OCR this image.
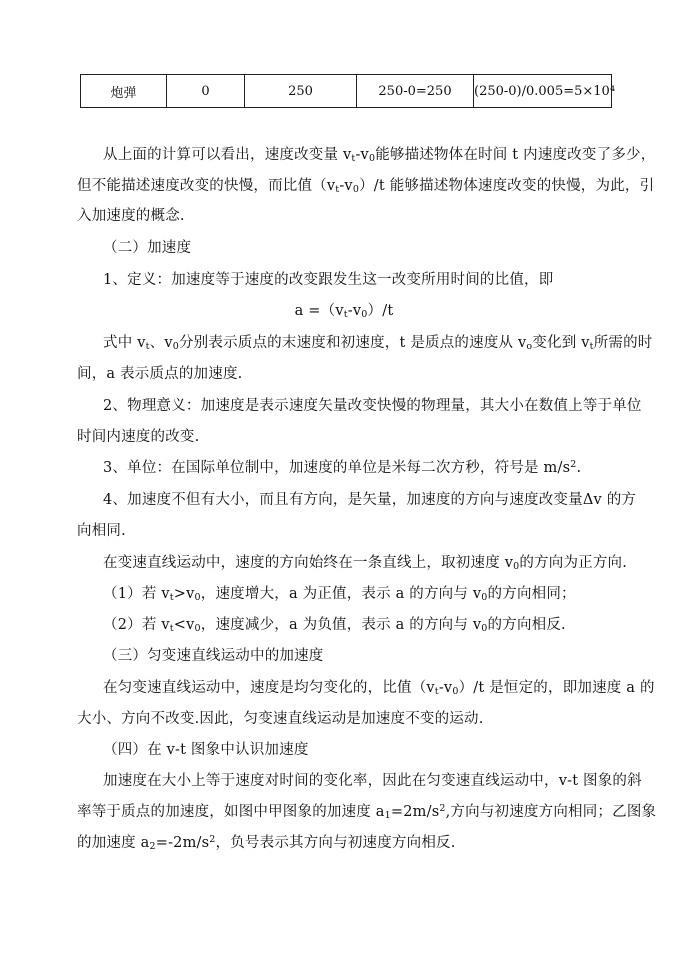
炮弹	0	250	250-0=250	(250-0)/0.005=5×10⁴
从上面的计算可以看出，速度改变量 $v_t-v_0$能够描述物体在时间 t 内速度改变了多少，
但不能描述速度改变的快慢，而比值$(v_t-v_0)/t$ 能够描述物体速度改变的快慢，为此，引
入加速度的概念.
（二）加速度
1、定义：加速度等于速度的改变跟发生这一改变所用时间的比值，即
$a =(v_t-v_0)/t$
式中 $v_t$、$v_0$分别表示质点的末速度和初速度，t 是质点的速度从 $v_o$变化到 $v_t$所需的时
间，a 表示质点的加速度.
2、物理意义：加速度是表示速度矢量改变快慢的物理量，其大小在数值上等于单位
时间内速度的改变.
3、单位：在国际单位制中，加速度的单位是米每二次方秒，符号是 $m/s^2$.
4、加速度不但有大小，而且有方向，是矢量，加速度的方向与速度改变量Δv 的方
向相同.
在变速直线运动中，速度的方向始终在一条直线上，取初速度 $v_0$的方向为正方向.
（1）若 $v_t>v_0$，速度增大，a 为正值，表示 a 的方向与 $v_0$的方向相同；
（2）若 $v_t<v_0$，速度减少，a 为负值，表示 a 的方向与 $v_0$的方向相反.
（三）匀变速直线运动中的加速度
在匀变速直线运动中，速度是均匀变化的，比值$(v_t-v_0)/t$ 是恒定的，即加速度 a 的
大小、方向不改变.因此，匀变速直线运动是加速度不变的运动.
（四）在 v-t 图象中认识加速度
加速度在大小上等于速度对时间的变化率，因此在匀变速直线运动中，v-t 图象的斜
率等于质点的加速度，如图中甲图象的加速度 $a_1=2m/s^2$,方向与初速度方向相同；乙图象
的加速度 $a_2=-2m/s^2$，负号表示其方向与初速度方向相反.
